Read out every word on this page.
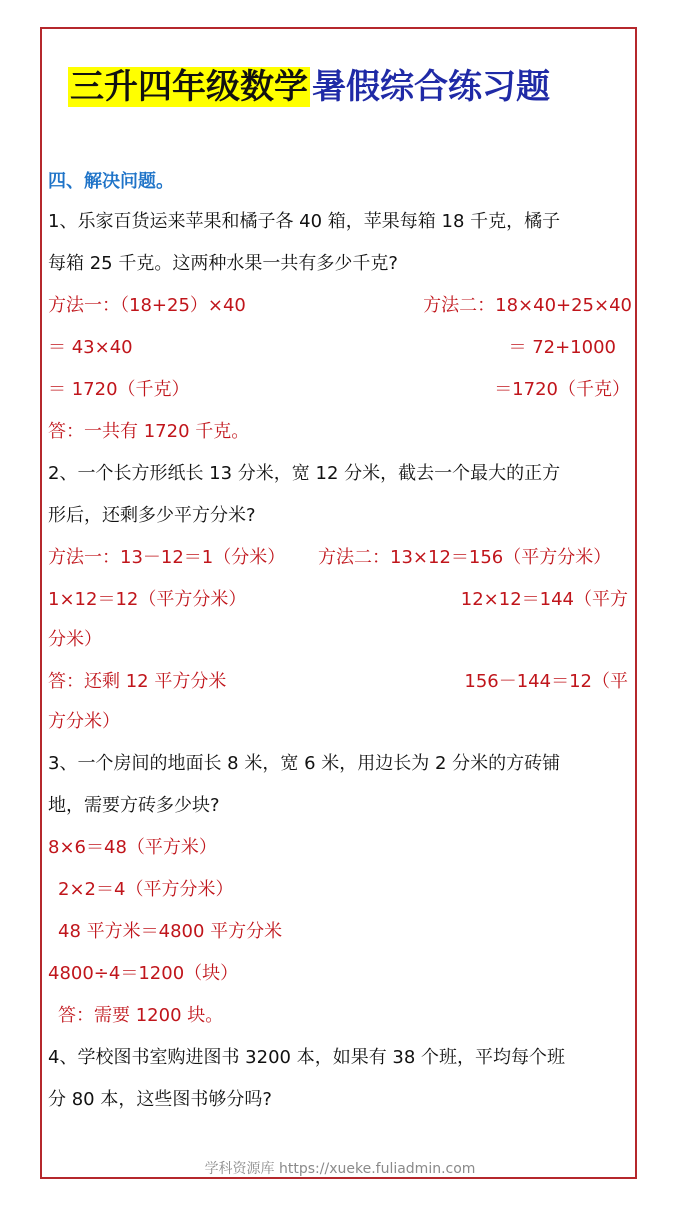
三升四年级数学 暑假综合练习题
四、解决问题。
1、乐家百货运来苹果和橘子各 40 箱，苹果每箱 18 千克，橘子
每箱 25 千克。这两种水果一共有多少千克?
方法一：（18+25）×40	方法二：18×40+25×40
＝ 43×40	＝ 72+1000
＝ 1720（千克）	＝1720（千克）
答：一共有 1720 千克。
2、一个长方形纸长 13 分米，宽 12 分米，截去一个最大的正方
形后，还剩多少平方分米?
方法一：13－12＝1（分米） 方法二：13×12＝156（平方分米）
1×12＝12（平方分米）	12×12＝144（平方
分米）
答：还剩 12 平方分米	156－144＝12（平
方分米）
3、一个房间的地面长 8 米，宽 6 米，用边长为 2 分米的方砖铺
地，需要方砖多少块?
8×6＝48（平方米）
2×2＝4（平方分米）
48 平方米＝4800 平方分米
4800÷4＝1200（块）
答：需要 1200 块。
4、学校图书室购进图书 3200 本，如果有 38 个班，平均每个班
分 80 本，这些图书够分吗?
学科资源库 https://xueke.fuliadmin.com
